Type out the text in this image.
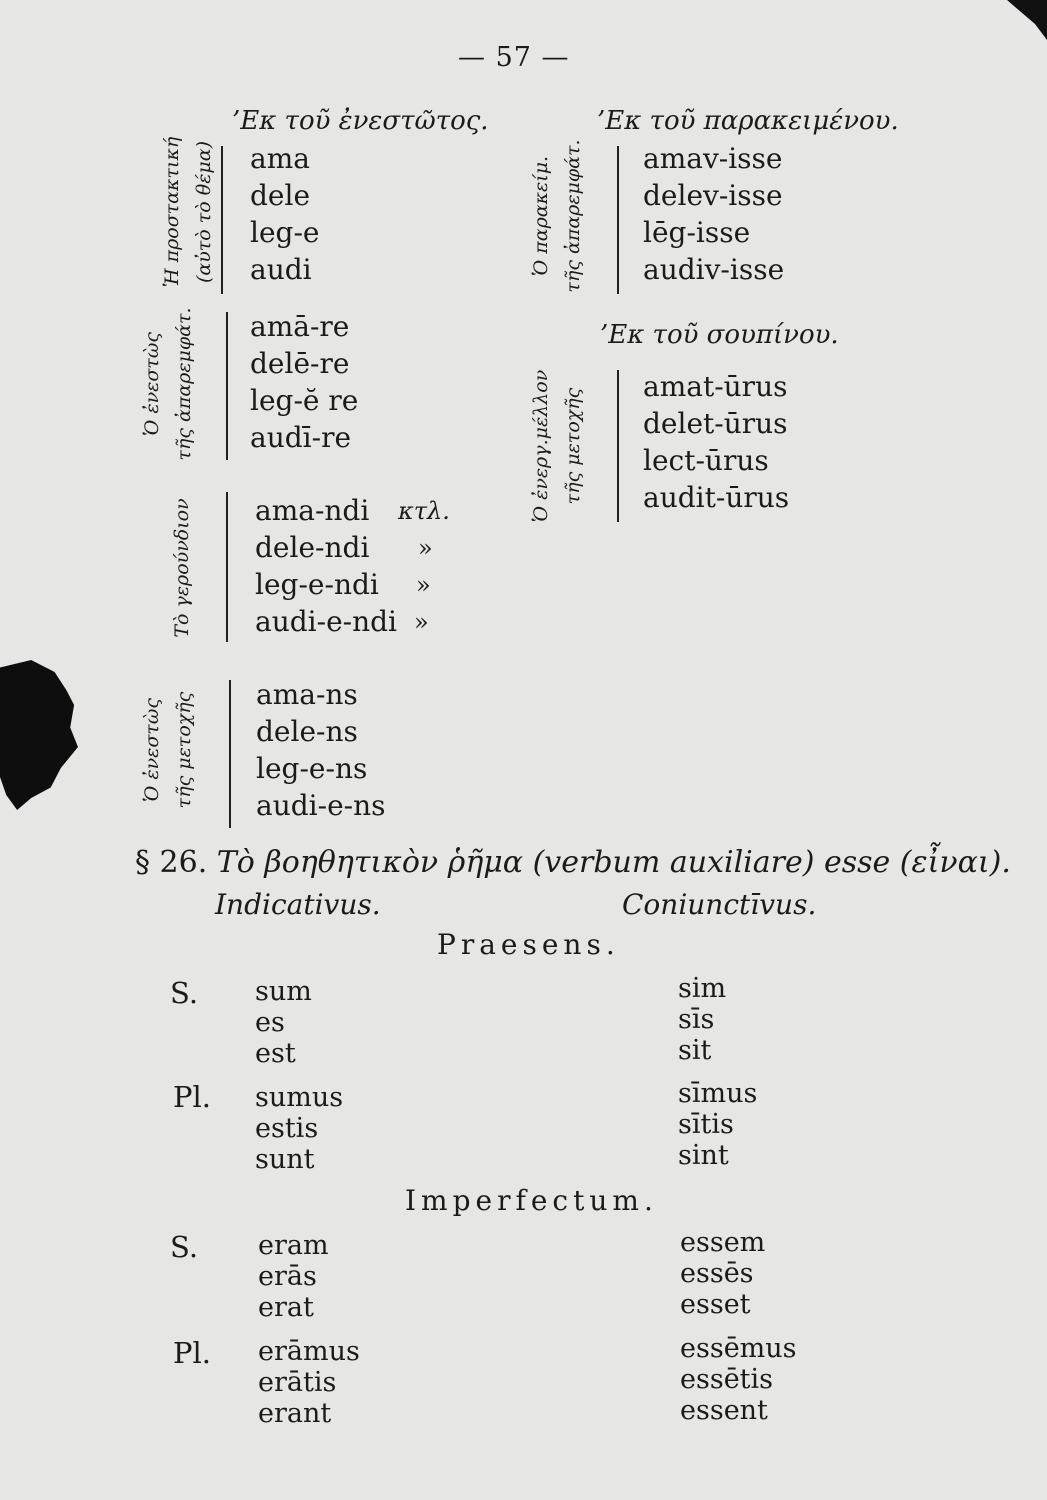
— 57 —
’Εκ τοῦ ἐνεστῶτος.
Ἡ προστακτική (αὐτὸ τὸ θέμα) ama
dele
leg-e
audi
Ὁ ἐνεστὼς τῆς ἀπαρεμφάτ. amā-re
delē-re
leg-ĕ re
audī-re
Τὸ γερούνδιον ama-ndi
dele-ndi
leg-e-ndi
audi-e-ndi
κτλ.
»
»
»
Ὁ ἐνεστὼς τῆς μετοχῆς ama-ns
dele-ns
leg-e-ns
audi-e-ns
’Εκ τοῦ παρακειμένου.
Ὁ παρακείμ. τῆς ἀπαρεμφάτ. amav-isse
delev-isse
lēg-isse
audiv-isse
’Εκ τοῦ σουπίνου.
Ὁ ἐνεργ.μέλλον τῆς μετοχῆς
amat-ūrus
delet-ūrus
lect-ūrus
audit-ūrus
§ 26. Τὸ βοηθητικὸν ῥῆμα (verbum auxiliare) esse (εἶναι).
Indicativus.	Coniunctīvus.
Praesens.
S. sum
es
est
sim
sīs
sit
Pl. sumus
estis
sunt
sīmus
sītis
sint
Imperfectum.
S. eram
erās
erat
essem
essēs
esset
Pl. erāmus
erātis
erant
essēmus
essētis
essent
